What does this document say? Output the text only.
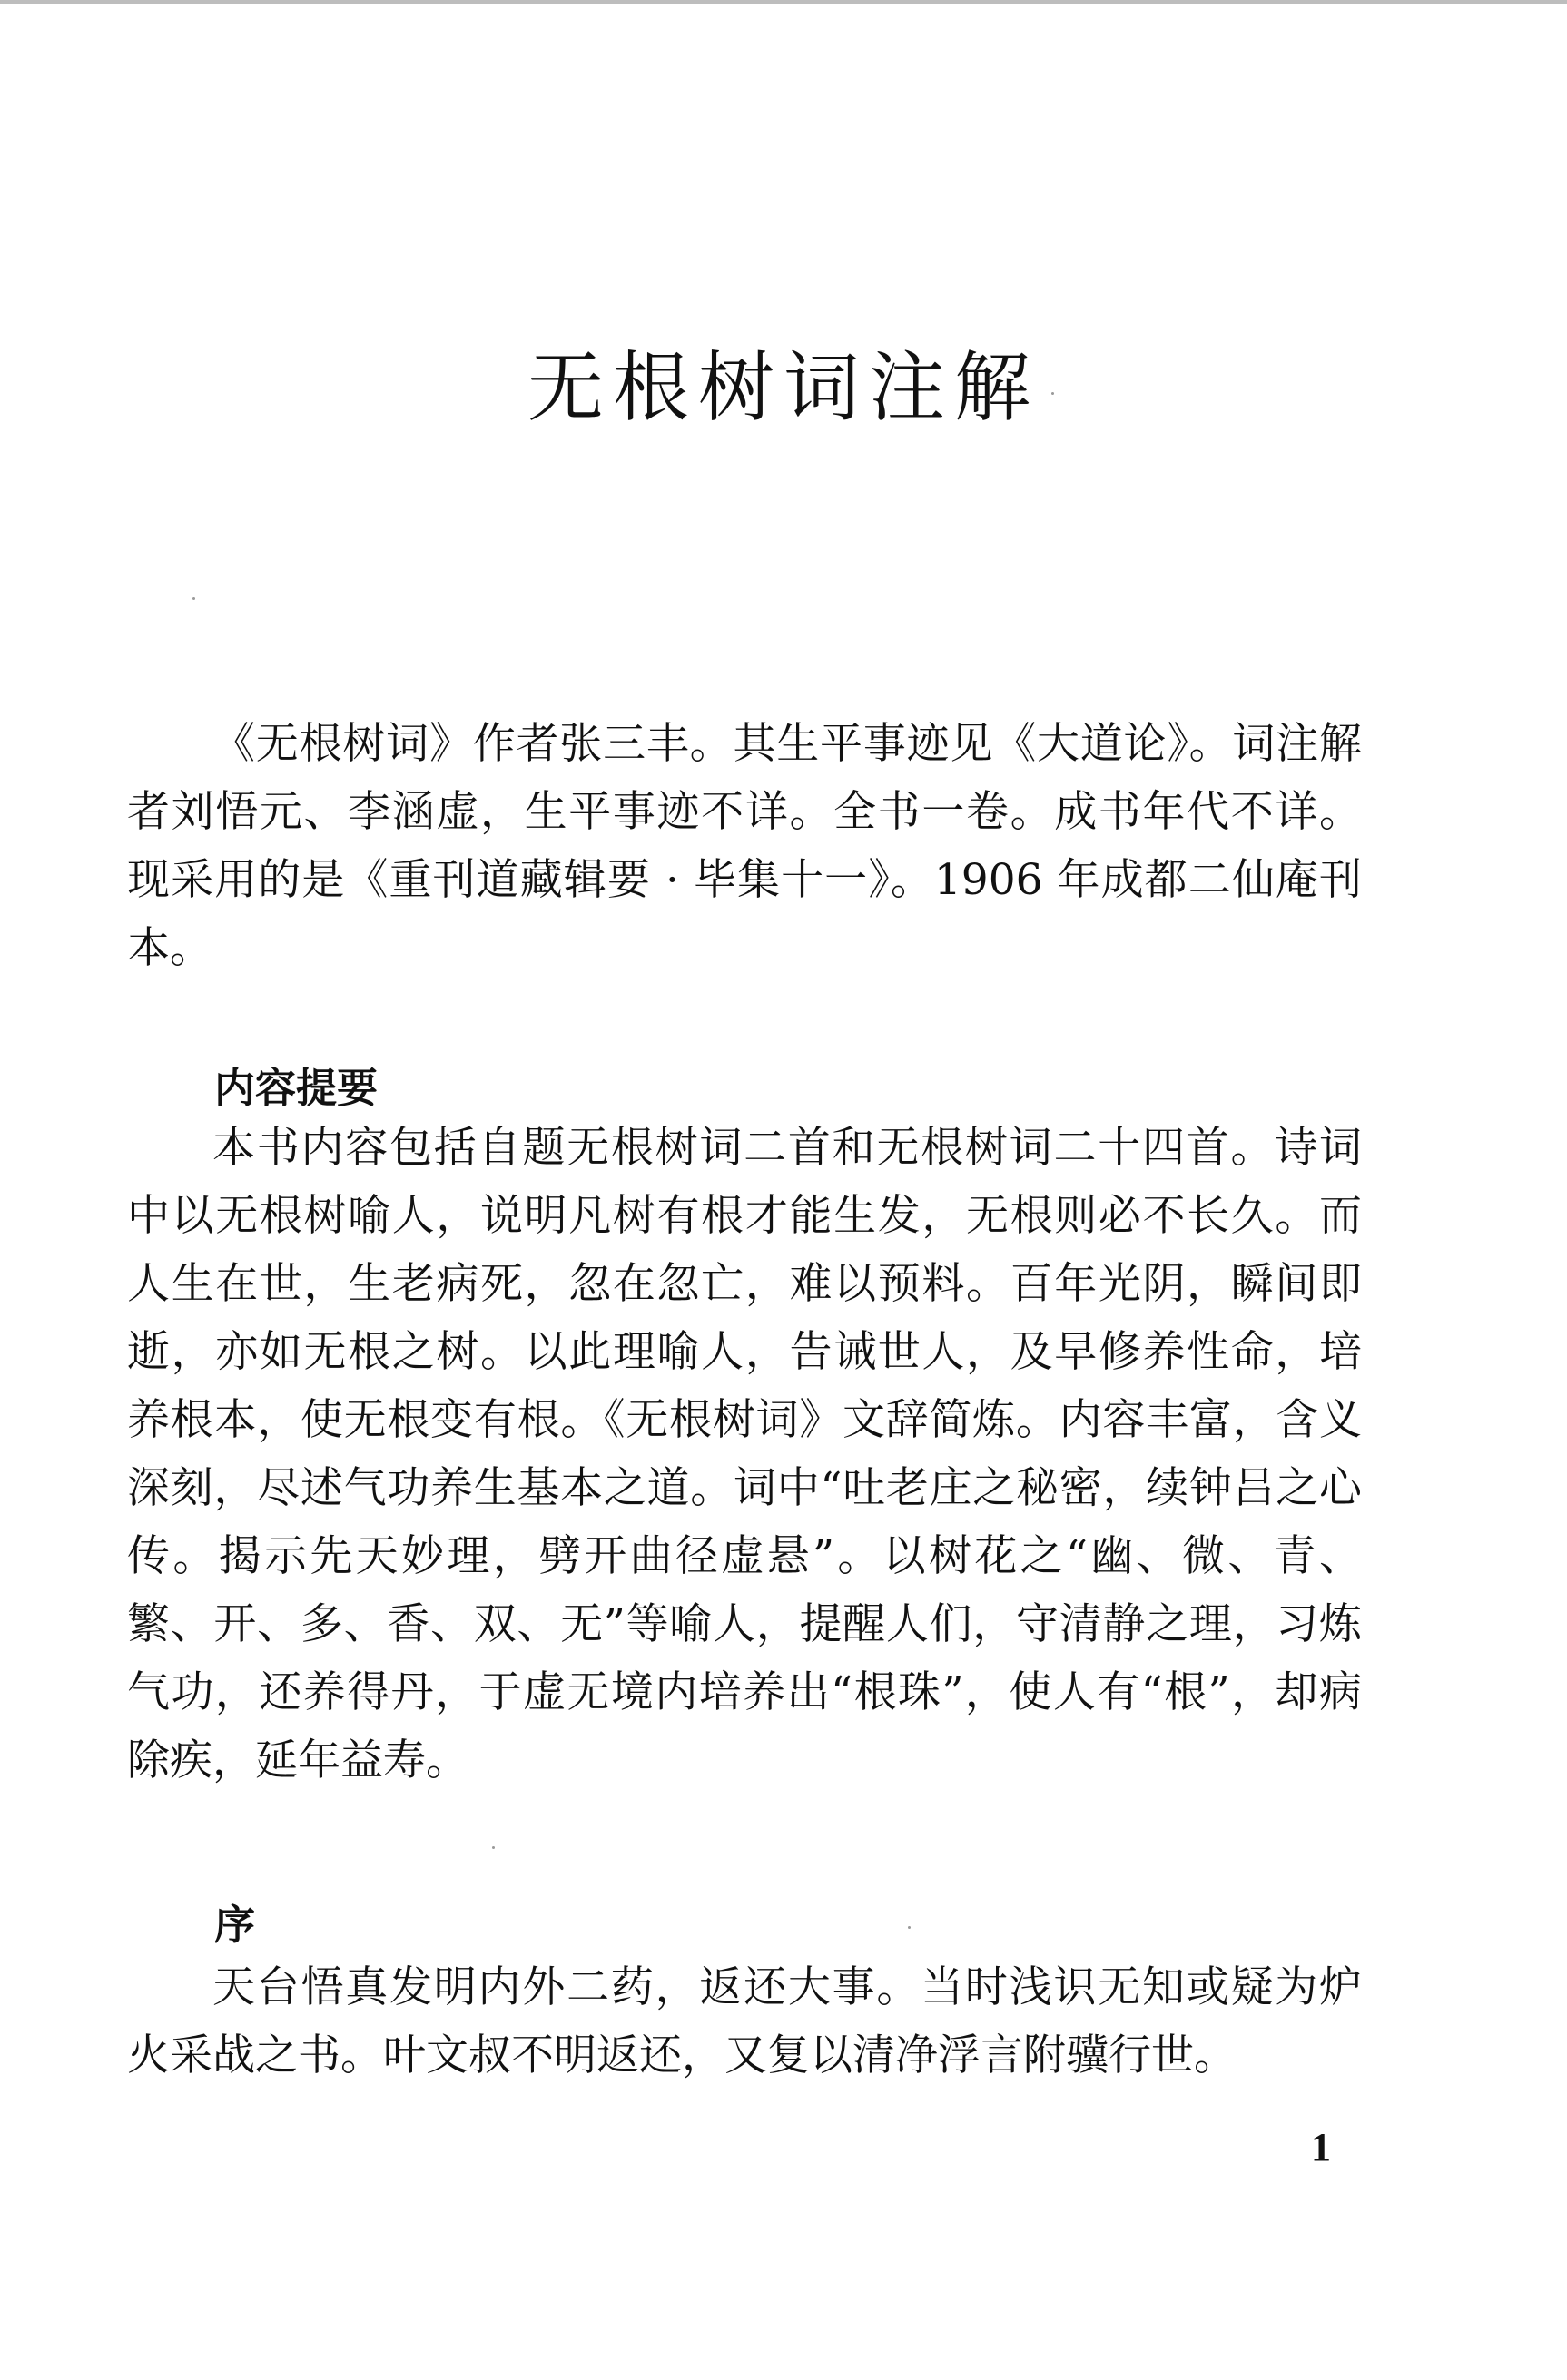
无根树词注解

《无根树词》作者张三丰。其生平事迹见《大道论》。词注解者刘悟元、李涵虚，生平事迹不详。全书一卷。成书年代不详。现采用的是《重刊道藏辑要 · 毕集十一》。1906 年成都二仙庵刊本。

内容提要

本书内容包括自题无根树词二首和无根树词二十四首。诗词中以无根树喻人，说明凡树有根才能生发，无根则必不长久。而人生在世，生老病死，忽在忽亡，难以预料。百年光阴，瞬间即逝，亦如无根之树。以此理喻人，告诫世人，及早修养性命，培养根本，使无根变有根。《无根树词》文辞简炼。内容丰富，含义深刻，尽述气功养生基本之道。词中“吐老庄之秘密，续钟吕之心传。揭示先天妙理，劈开曲径虚悬”。以树花之“幽、微、青、繁、开、多、香、双、无”等喻人，提醒人们，守清静之理，习炼气功，还养得丹，于虚无境内培养出“根珠”，使人有“根”，却病除疾，延年益寿。

序

天台悟真发明内外二药，返还大事。当时浅识无知或疑为炉火采战之书。叶文叔不明返还，又复以清净浮言附骥行世。

1
